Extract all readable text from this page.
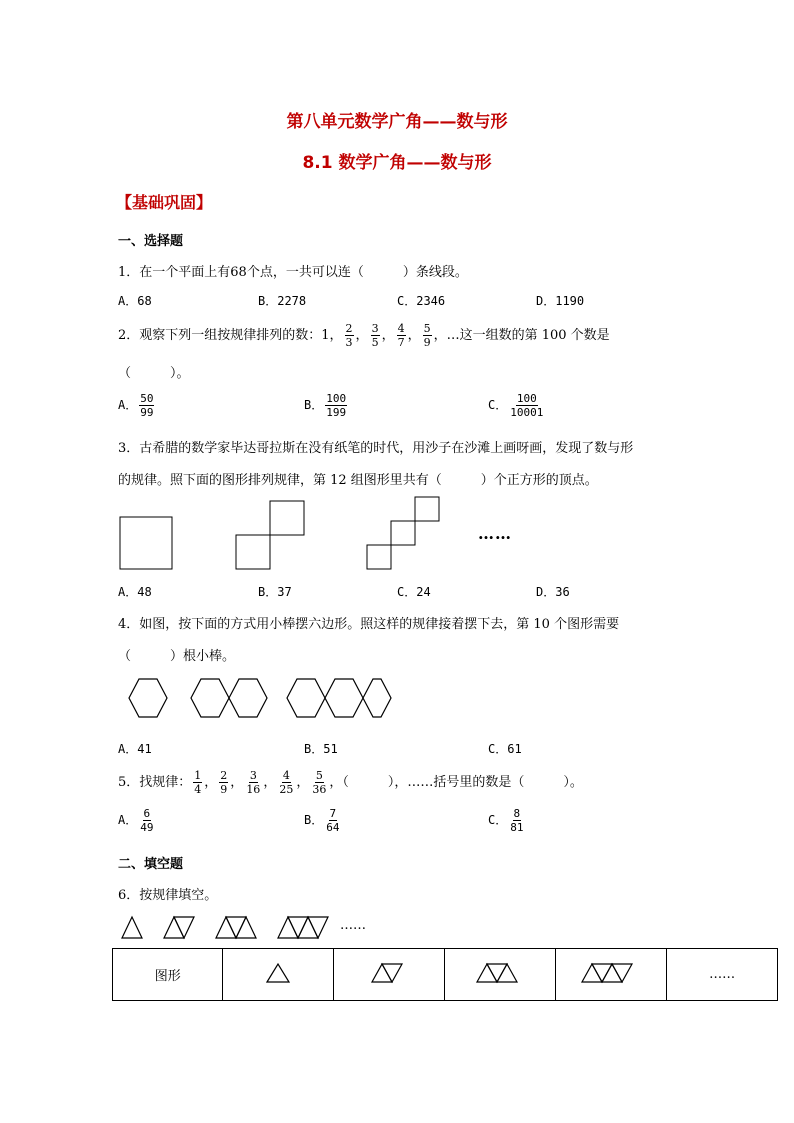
第八单元数学广角——数与形
8.1 数学广角——数与形
【基础巩固】
一、选择题
1．在一个平面上有68个点，一共可以连（　　　）条线段。
A．68	B．2278	C．2346	D．1190
2．观察下列一组按规律排列的数：1， $\frac{2}{3}$ ， $\frac{3}{5}$ ， $\frac{4}{7}$ ， $\frac{5}{9}$ ，…这一组数的第 100 个数是
（　　　）。
A． $\frac{50}{99}$	B． $\frac{100}{199}$	C． $\frac{100}{10001}$
3．古希腊的数学家毕达哥拉斯在没有纸笔的时代，用沙子在沙滩上画呀画，发现了数与形
的规律。照下面的图形排列规律，第 12 组图形里共有（　　　）个正方形的顶点。
……
A．48	B．37	C．24	D．36
4．如图，按下面的方式用小棒摆六边形。照这样的规律接着摆下去，第 10 个图形需要
（　　　）根小棒。
A．41	B．51	C．61
5．找规律： $\frac{1}{4}$ ， $\frac{2}{9}$ ， $\frac{3}{16}$ ， $\frac{4}{25}$ ， $\frac{5}{36}$ ，（　　　），……括号里的数是（　　　）。
A． $\frac{6}{49}$	B． $\frac{7}{64}$	C． $\frac{8}{81}$
二、填空题
6．按规律填空。
……
图形					……
